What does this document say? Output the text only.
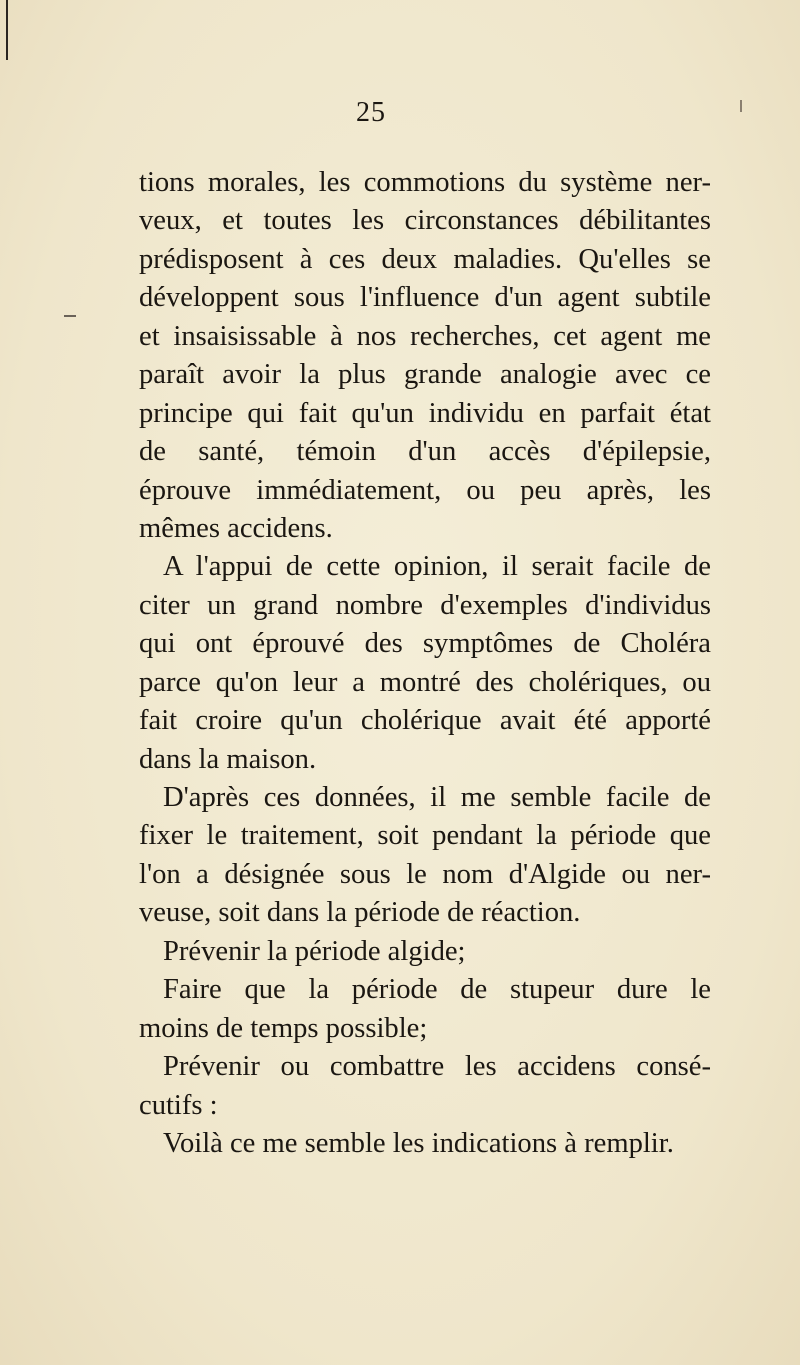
25
tions morales, les commotions du système ner-
veux, et toutes les circonstances débilitantes
prédisposent à ces deux maladies. Qu'elles se
développent sous l'influence d'un agent subtile
et insaisissable à nos recherches, cet agent me
paraît avoir la plus grande analogie avec ce
principe qui fait qu'un individu en parfait état
de santé, témoin d'un accès d'épilepsie,
éprouve immédiatement, ou peu après, les
mêmes accidens.
A l'appui de cette opinion, il serait facile de
citer un grand nombre d'exemples d'individus
qui ont éprouvé des symptômes de Choléra
parce qu'on leur a montré des cholériques, ou
fait croire qu'un cholérique avait été apporté
dans la maison.
D'après ces données, il me semble facile de
fixer le traitement, soit pendant la période que
l'on a désignée sous le nom d'Algide ou ner-
veuse, soit dans la période de réaction.
Prévenir la période algide;
Faire que la période de stupeur dure le
moins de temps possible;
Prévenir ou combattre les accidens consé-
cutifs :
Voilà ce me semble les indications à remplir.
